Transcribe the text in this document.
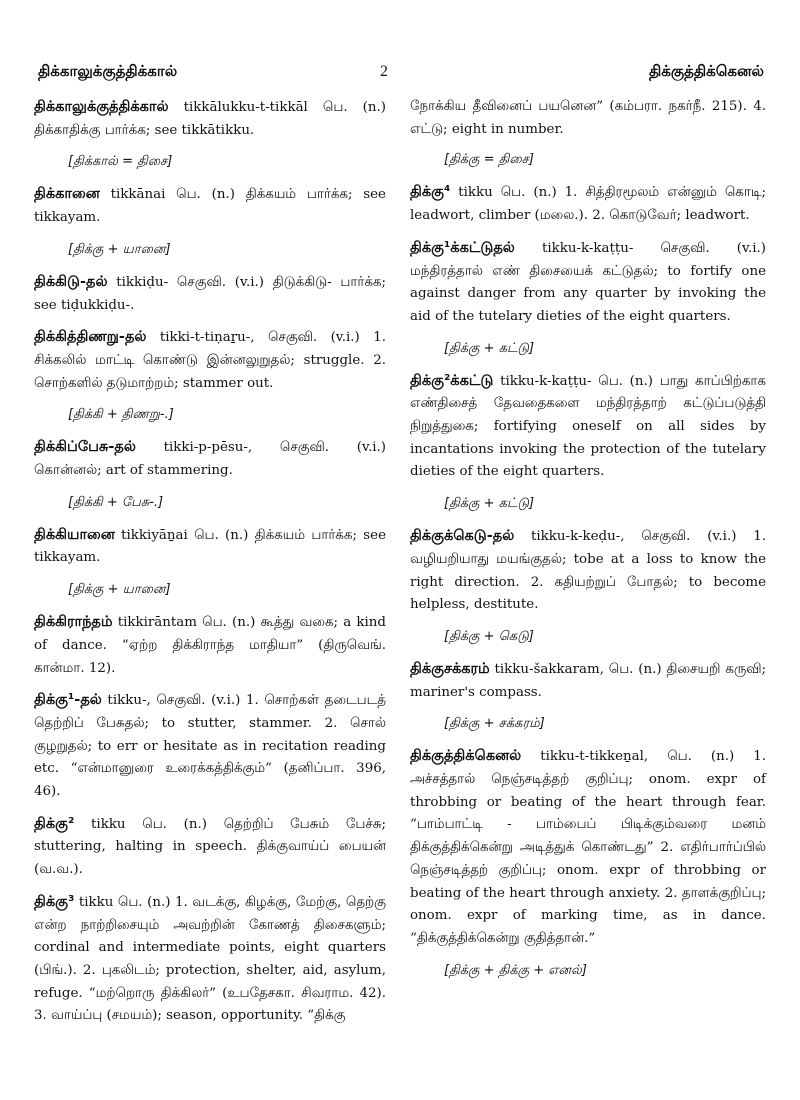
திக்காலுக்குத்திக்கால்	2	திக்குத்திக்கெனல்
திக்காலுக்குத்திக்கால் tikkālukku-t-tikkāl பெ. (n.) திக்காதிக்கு பார்க்க; see tikkātikku.
[திக்கால் = திசை]
திக்கானை tikkānai பெ. (n.) திக்கயம் பார்க்க; see tikkayam.
[திக்கு + யானை]
திக்கிடு-தல் tikkiḍu- செகுவி. (v.i.) திடுக்கிடு- பார்க்க; see tiḍukkiḍu-.
திக்கித்திணறு-தல் tikki-t-tiṇaṟu-, செகுவி. (v.i.) 1. சிக்கலில் மாட்டி கொண்டு இன்னலுறுதல்; struggle. 2. சொற்களில் தடுமாற்றம்; stammer out.
[திக்கி + திணறு-.]
திக்கிப்பேசு-தல் tikki-p-pēsu-, செகுவி. (v.i.) கொன்னல்; art of stammering.
[திக்கி + பேசு-.]
திக்கியானை tikkiyāṉai பெ. (n.) திக்கயம் பார்க்க; see tikkayam.
[திக்கு + யானை]
திக்கிராந்தம் tikkirāntam பெ. (n.) கூத்து வகை; a kind of dance. “ஏற்ற திக்கிராந்த மாதியா” (திருவெங். கான்மா. 12).
திக்கு¹-தல் tikku-, செகுவி. (v.i.) 1. சொற்கள் தடைபடத் தெற்றிப் பேசுதல்; to stutter, stammer. 2. சொல் குழறுதல்; to err or hesitate as in recitation reading etc. “என்மானுரை உரைக்கத்திக்கும்” (தனிப்பா. 396, 46).
திக்கு² tikku பெ. (n.) தெற்றிப் பேசும் பேச்சு; stuttering, halting in speech. திக்குவாய்ப் பையன் (வ.வ.).
திக்கு³ tikku பெ. (n.) 1. வடக்கு, கிழக்கு, மேற்கு, தெற்கு என்ற நாற்றிசையும் அவற்றின் கோணத் திசைகளும்; cordinal and intermediate points, eight quarters (பிங்.). 2. புகலிடம்; protection, shelter, aid, asylum, refuge. “மற்றொரு திக்கிலர்” (உபதேசகா. சிவராம. 42). 3. வாய்ப்பு (சமயம்); season, opportunity. “திக்கு
நோக்கிய தீவினைப் பயனென” (கம்பரா. நகர்நீ. 215). 4. எட்டு; eight in number.
[திக்கு = திசை]
திக்கு⁴ tikku பெ. (n.) 1. சித்திரமூலம் என்னும் கொடி; leadwort, climber (மலை.). 2. கொடுவேர்; leadwort.
திக்கு¹க்கட்டுதல் tikku-k-kaṭṭu- செகுவி. (v.i.) மந்திரத்தால் எண் திசையைக் கட்டுதல்; to fortify one against danger from any quarter by invoking the aid of the tutelary dieties of the eight quarters.
[திக்கு + கட்டு]
திக்கு²க்கட்டு tikku-k-kaṭṭu- பெ. (n.) பாது காப்பிற்காக எண்திசைத் தேவதைகளை மந்திரத்தாற் கட்டுப்படுத்தி நிறுத்துகை; fortifying oneself on all sides by incantations invoking the protection of the tutelary dieties of the eight quarters.
[திக்கு + கட்டு]
திக்குக்கெடு-தல் tikku-k-keḍu-, செகுவி. (v.i.) 1. வழியறியாது மயங்குதல்; tobe at a loss to know the right direction. 2. கதியற்றுப் போதல்; to become helpless, destitute.
[திக்கு + கெடு]
திக்குசக்கரம் tikku-šakkaram, பெ. (n.) திசையறி கருவி; mariner's compass.
[திக்கு + சக்கரம்]
திக்குத்திக்கெனல் tikku-t-tikkeṉal, பெ. (n.) 1. அச்சத்தால் நெஞ்சடித்தற் குறிப்பு; onom. expr of throbbing or beating of the heart through fear. “பாம்பாட்டி - பாம்பைப் பிடிக்கும்வரை மனம் திக்குத்திக்கென்று அடித்துக் கொண்டது” 2. எதிர்பார்ப்பில் நெஞ்சடித்தற் குறிப்பு; onom. expr of throbbing or beating of the heart through anxiety. 2. தாளக்குறிப்பு; onom. expr of marking time, as in dance. “திக்குத்திக்கென்று குதித்தான்.”
[திக்கு + திக்கு + எனல்]
